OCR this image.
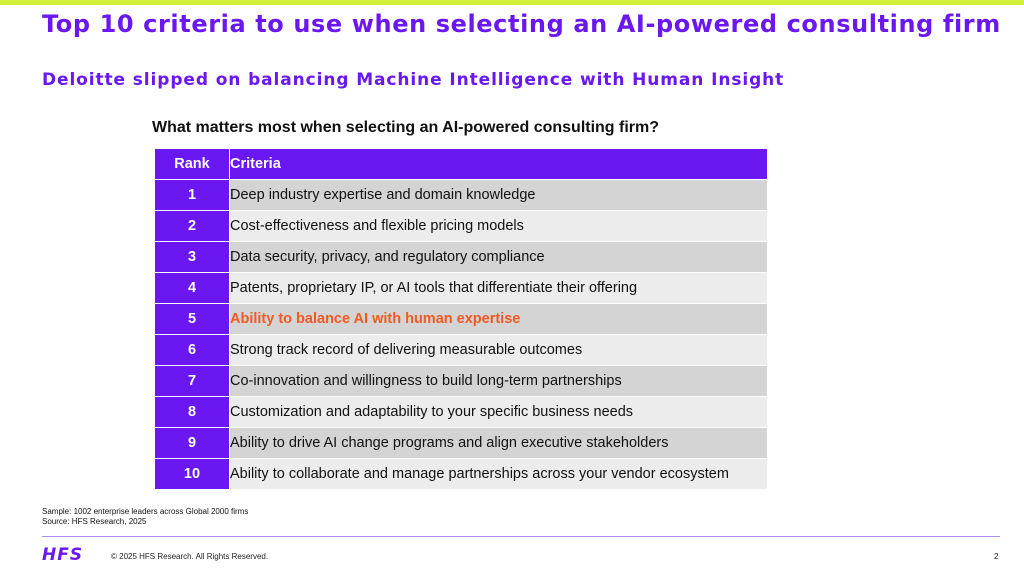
Top 10 criteria to use when selecting an AI-powered consulting firm
Deloitte slipped on balancing Machine Intelligence with Human Insight

What matters most when selecting an AI-powered consulting firm?

Rank	Criteria
1	Deep industry expertise and domain knowledge
2	Cost-effectiveness and flexible pricing models
3	Data security, privacy, and regulatory compliance
4	Patents, proprietary IP, or AI tools that differentiate their offering
5	Ability to balance AI with human expertise
6	Strong track record of delivering measurable outcomes
7	Co-innovation and willingness to build long-term partnerships
8	Customization and adaptability to your specific business needs
9	Ability to drive AI change programs and align executive stakeholders
10	Ability to collaborate and manage partnerships across your vendor ecosystem
Sample: 1002 enterprise leaders across Global 2000 firms
Source: HFS Research, 2025
HFS	© 2025 HFS Research. All Rights Reserved.	2
